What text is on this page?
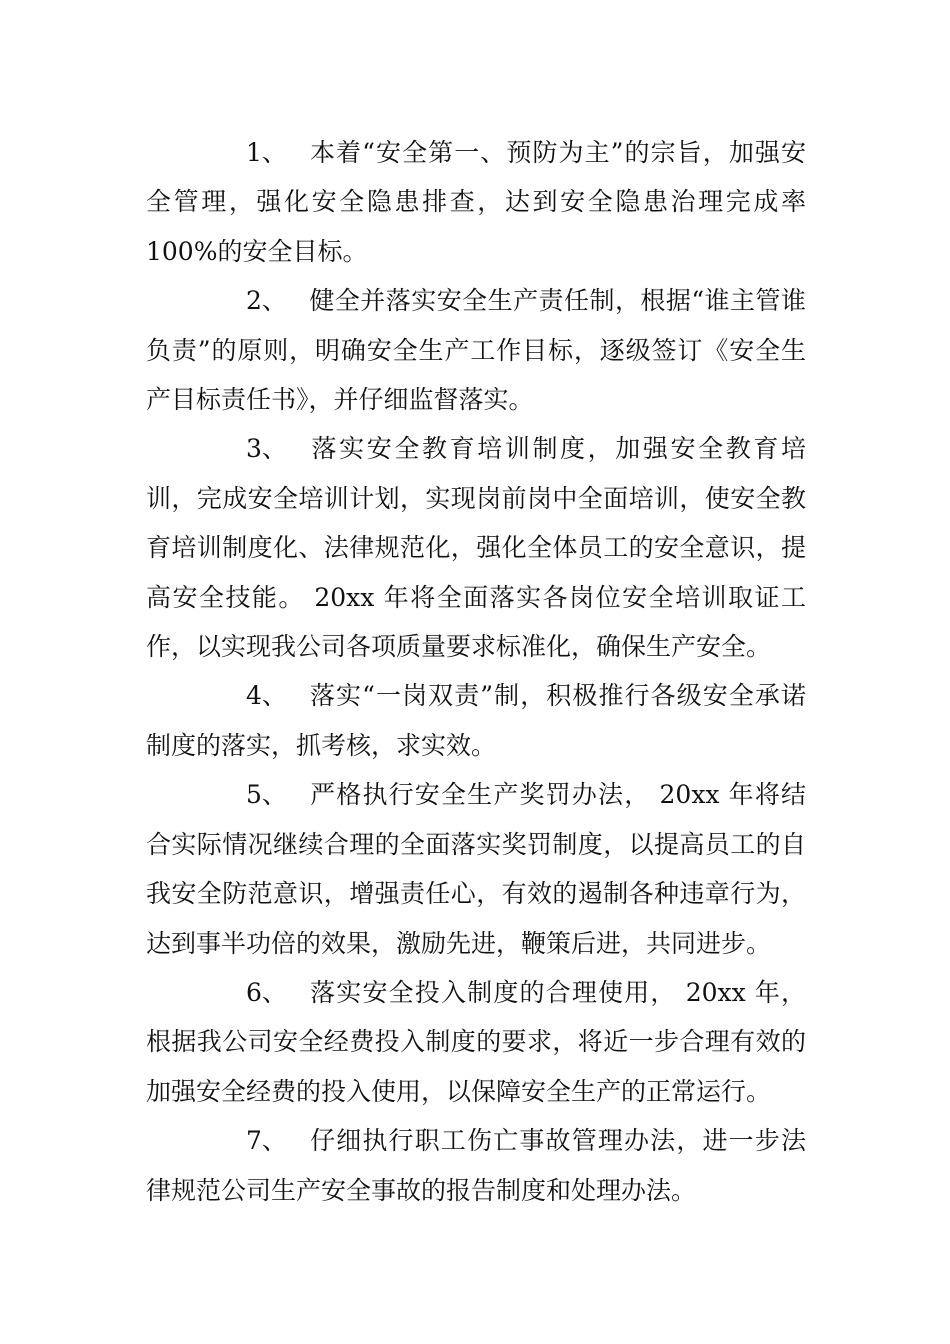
1、 本着“安全第一、预防为主”的宗旨，加强安全管理，强化安全隐患排查，达到安全隐患治理完成率 100%的安全目标。

2、 健全并落实安全生产责任制，根据“谁主管谁负责”的原则，明确安全生产工作目标，逐级签订《安全生产目标责任书》，并仔细监督落实。

3、 落实安全教育培训制度，加强安全教育培训，完成安全培训计划，实现岗前岗中全面培训，使安全教育培训制度化、法律规范化，强化全体员工的安全意识，提高安全技能。 20xx 年将全面落实各岗位安全培训取证工作，以实现我公司各项质量要求标准化，确保生产安全。

4、 落实“一岗双责”制，积极推行各级安全承诺制度的落实，抓考核，求实效。

5、 严格执行安全生产奖罚办法， 20xx 年将结合实际情况继续合理的全面落实奖罚制度，以提高员工的自我安全防范意识，增强责任心，有效的遏制各种违章行为，达到事半功倍的效果，激励先进，鞭策后进，共同进步。

6、 落实安全投入制度的合理使用， 20xx 年，根据我公司安全经费投入制度的要求，将近一步合理有效的加强安全经费的投入使用，以保障安全生产的正常运行。

7、 仔细执行职工伤亡事故管理办法，进一步法律规范公司生产安全事故的报告制度和处理办法。
